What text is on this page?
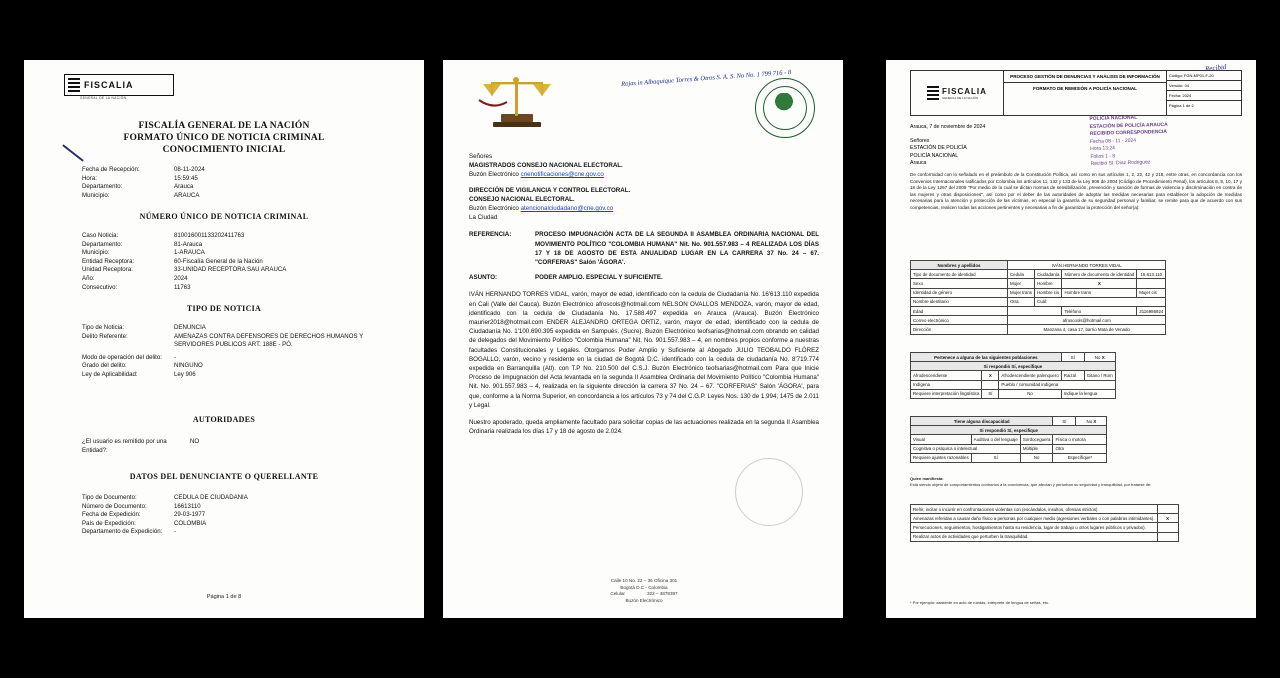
FISCALIA
GENERAL DE LA NACIÓN
FISCALÍA GENERAL DE LA NACIÓN
FORMATO ÚNICO DE NOTICIA CRIMINAL
CONOCIMIENTO INICIAL
Fecha de Recepción:	08-11-2024
Hora:	15:59:45
Departamento:	Arauca
Municipio:	ARAUCA
NÚMERO ÚNICO DE NOTICIA CRIMINAL
Caso Noticia:	810016001133202411763
Departamento:	81-Arauca
Municipio:	1-ARAUCA
Entidad Receptora:	60-Fiscalía General de la Nación
Unidad Receptora:	33-UNIDAD RECEPTORA SAU ARAUCA
Año:	2024
Consecutivo:	11763
TIPO DE NOTICIA
Tipo de Noticia:	DENUNCIA
Delito Referente:	AMENAZAS CONTRA DEFENSORES DE DERECHOS HUMANOS Y SERVIDORES PUBLICOS ART. 188E - PÓ.
Modo de operación del delito:	-
Grado del delito:	NINGUNO
Ley de Aplicabilidad:	Ley 906
AUTORIDADES
¿El usuario es remitido por una Entidad?:
NO
DATOS DEL DENUNCIANTE O QUERELLANTE
Tipo de Documento:	CEDULA DE CIUDADANIA
Número de Documento:	16613110
Fecha de Expedición:	29-03-1977
País de Expedición:	COLOMBIA
Departamento de Expedición:	-
Página 1 de 8
Rojas in Albaquique Torres & Otros S. A. S. No No. 1 799 716 - 8
Señores
MAGISTRADOS CONSEJO NACIONAL ELECTORAL.
Buzón Electrónico cnenotificaciones@cne.gov.co
DIRECCIÓN DE VIGILANCIA Y CONTROL ELECTORAL.
CONSEJO NACIONAL ELECTORAL.
Buzón Electrónico atencionalciudadano@cne.gov.co
La Ciudad
REFERENCIA:	PROCESO IMPUGNACIÓN ACTA DE LA SEGUNDA II ASAMBLEA ORDINARIA NACIONAL DEL MOVIMIENTO POLÍTICO "COLOMBIA HUMANA" Nit. No. 901.557.983 – 4 REALIZADA LOS DÍAS 17 Y 18 DE AGOSTO DE ESTA ANUALIDAD LUGAR EN LA CARRERA 37 No. 24 – 67. "CORFERIAS" Salón 'ÁGORA'.
ASUNTO:	PODER AMPLIO. ESPECIAL Y SUFICIENTE.
IVÁN HERNANDO TORRES VIDAL, varón, mayor de edad, identificado con la cedula de Ciudadanía No. 16'613.110 expedida en Cali (Valle del Cauca). Buzón Electrónico afroscols@hotmail.com NELSON OVALLOS MENDOZA, varón, mayor de edad, identificado con la cedula de Ciudadanía No. 17.588.497 expedida en Arauca (Arauca). Buzón Electrónico maurier2018@hotmail.com ENDER ALEJANDRO ORTEGA ORTIZ, varón, mayor de edad, identificado con la cedula de Ciudadanía No. 1'100.690.395 expedida en Sampués. (Sucre). Buzón Electrónico teofsarias@hotmail.com obrando en calidad de delegados del Movimiento Político "Colombia Humana" Nit. No. 901.557.983 – 4, en nombres propios conforme a nuestras facultades Constitucionales y Legales. Otorgamos Poder Amplio y Suficiente al Abogado JULIO TEOBALDO FLÓREZ BOGALLO, varón, vecino y residente en la ciudad de Bogotá D.C. identificado con la cedula de ciudadanía No. 8'719.774 expedida en Barranquilla (Atl). con T.P No. 210.500 del C.S.J. Buzón Electrónico teofsarias@hotmail.com Para que Inicie Proceso de Impugnación del Acta levantada en la segunda II Asamblea Ordinaria del Movimiento Político "Colombia Humana" Nit. No. 901.557.983 – 4, realizada en la siguiente dirección la carrera 37 No. 24 – 67. "CORFERIAS" Salón 'ÁGORA', para que, conforme a la Norma Superior, en concordancia a los artículos 73 y 74 del C.G.P. Leyes Nos. 130 de 1.994; 1475 de 2.011 y Legal.
Nuestro apoderado, queda ampliamente facultado para solicitar copias de las actuaciones realizada en la segunda II Asamblea Ordinaria realizada los días 17 y 18 de agosto de 2.024.
Calle 10 No. 22 – 36 Oficina 301
Bogotá D.C - Colombia
Celular	322 – 4878397
Buzón Electrónico
Recibid
FISCALIA
GENERAL DE LA NACIÓN
PROCESO GESTIÓN DE DENUNCIAS Y ANÁLISIS DE INFORMACIÓN
FORMATO DE REMISIÓN A POLICÍA NACIONAL
Código: FGN-MP01-F-20
Versión: 04
Fecha: 2024
Página 1 de 2
POLICÍA NACIONAL
ESTACIÓN DE POLICÍA ARAUCA
RECIBIDO CORRESPONDENCIA
Fecha 08 - 11 - 2024
Hora 13:24
Folios 1 - 8
Recibió SI. Diaz Rodriguez
Arauca, 7 de noviembre de 2024
Señores
ESTACIÓN DE POLICÍA
POLICÍA NACIONAL
Arauca
De conformidad con lo señalado en el preámbulo de la Constitución Política, así como en sus artículos 1, 2, 22, 42 y 218, entre otras, en concordancia con los Convenios Internacionales ratificados por Colombia los artículos 11, 132 y 133 de la Ley 906 de 2004 (Código de Procedimiento Penal), los artículos 8, 9, 10, 17 y 18 de la Ley 1257 del 2008 "Por medio de la cual se dictan normas de sensibilización, prevención y sanción de formas de violencia y discriminación en contra de las mujeres y otras disposiciones", así como por el deber de las autoridades de adoptar las medidas necesarias para establecer la adopción de medidas necesarias para la atención y protección de las víctimas, en especial la garantía de su seguridad personal y familiar, se remite para que de acuerdo con sus competencias, realicen todas las acciones pertinentes y necesarias a fin de garantizar la protección del señor(a):
Nombres y apellidos	IVÁN HERNANDO TORRES VIDAL			
Tipo de documento de identidad	Cedula	Ciudadanía	Número de documento de identidad	16.613.110
Sexo	Mujer	Hombre	X	
Identidad de género	Mujer trans	Hombre cis	Hombre trans	Mujer cis
Nombre identitario	Otra	Cuál:		
Edad			Teléfono	3116986924
Correo electrónico	afroscools@hotmail.com			
Dirección	Manzana 4, casa 17, barrio Mata de Venado			
Pertenece a alguna de las siguientes poblaciones			Sí	No X
Si respondió Sí, especifique				
Afrodescendiente	X	Afrodescendiente palenquero	Raizal	Gitano / Rom
Indígena		Pueblo / comunidad indígena		
Requiere interpretación lingüística	Sí	No	Indique la lengua	
Tiene alguna discapacidad			Sí	No X
Si respondió Sí, especifique				
Visual	Auditiva o del lenguaje	Sordoceguera	Física o motora	
Cognitiva o psíquica o intelectual		Múltiple	Otra	
Requiere ajustes razonables	Sí	No	Específique*	
Quien manifiesta:
Está siendo objeto de comportamientos contrarios a la convivencia, que afectan y perturban su seguridad y tranquilidad, por tratarse de:
Reñir, incitar o incurrir en confrontaciones violentas con (escándalos, insultos, ofensas strictos)	
Amenazas referidas a causar daño físico a personas por cualquier medio (agresiones verbales o con palabras intimidantes).	X
Persecuciones, seguimientos, hostigamientos hasta su residencia, lugar de trabajo u otros lugares públicos o privados).	
Realizar actos de actividades que perturben la tranquilidad.	
* Por ejemplo: asistente en acto de ruedas, intérprete de lengua de señas, etc.
